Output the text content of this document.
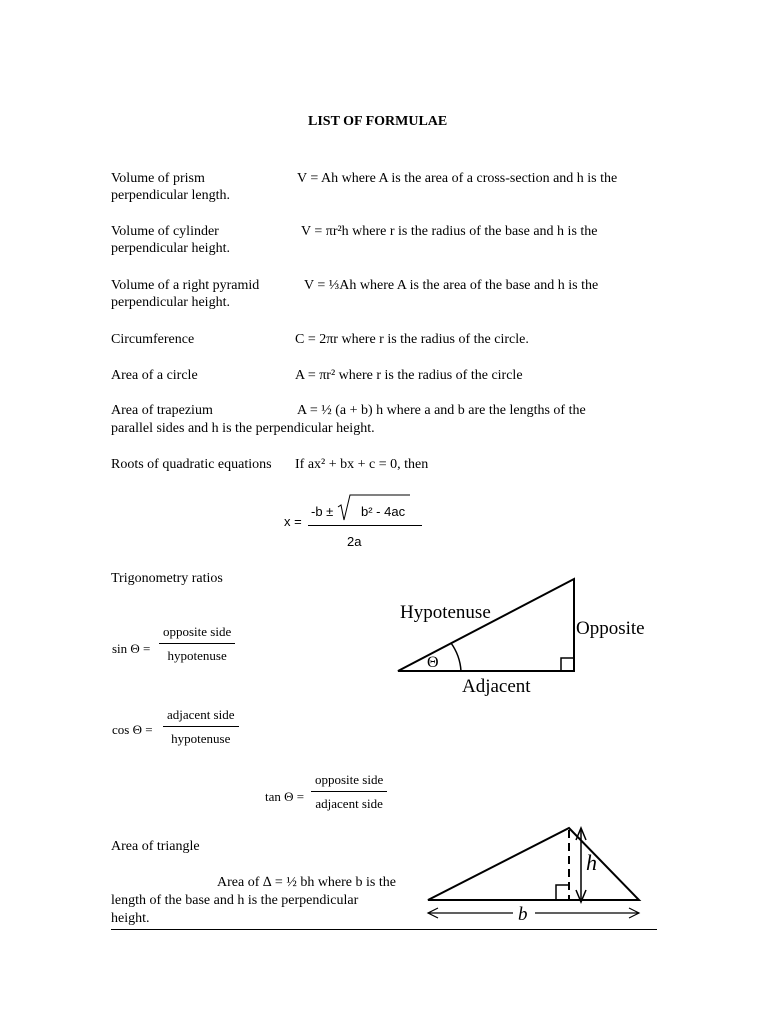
LIST OF FORMULAE
Volume of prism	V = Ah where A is the area of a cross-section and h is the
perpendicular length.
Volume of cylinder	V = πr²h where r is the radius of the base and h is the
perpendicular height.
Volume of a right pyramid	V = ⅓Ah where A is the area of the base and h is the
perpendicular height.
Circumference	C = 2πr where r is the radius of the circle.
Area of a circle	A = πr² where r is the radius of the circle
Area of trapezium	A = ½ (a + b) h where a and b are the lengths of the
parallel sides and h is the perpendicular height.
Roots of quadratic equations If ax² + bx + c = 0, then
x =
-b ± b² - 4ac
2a
Trigonometry ratios
sin Θ =
opposite side
hypotenuse
cos Θ =
adjacent side
hypotenuse
tan Θ =
opposite side
adjacent side
Θ
Hypotenuse
Opposite
Adjacent
Area of triangle
Area of ∆ = ½ bh where b is the
length of the base and h is the perpendicular
height.
h
b
